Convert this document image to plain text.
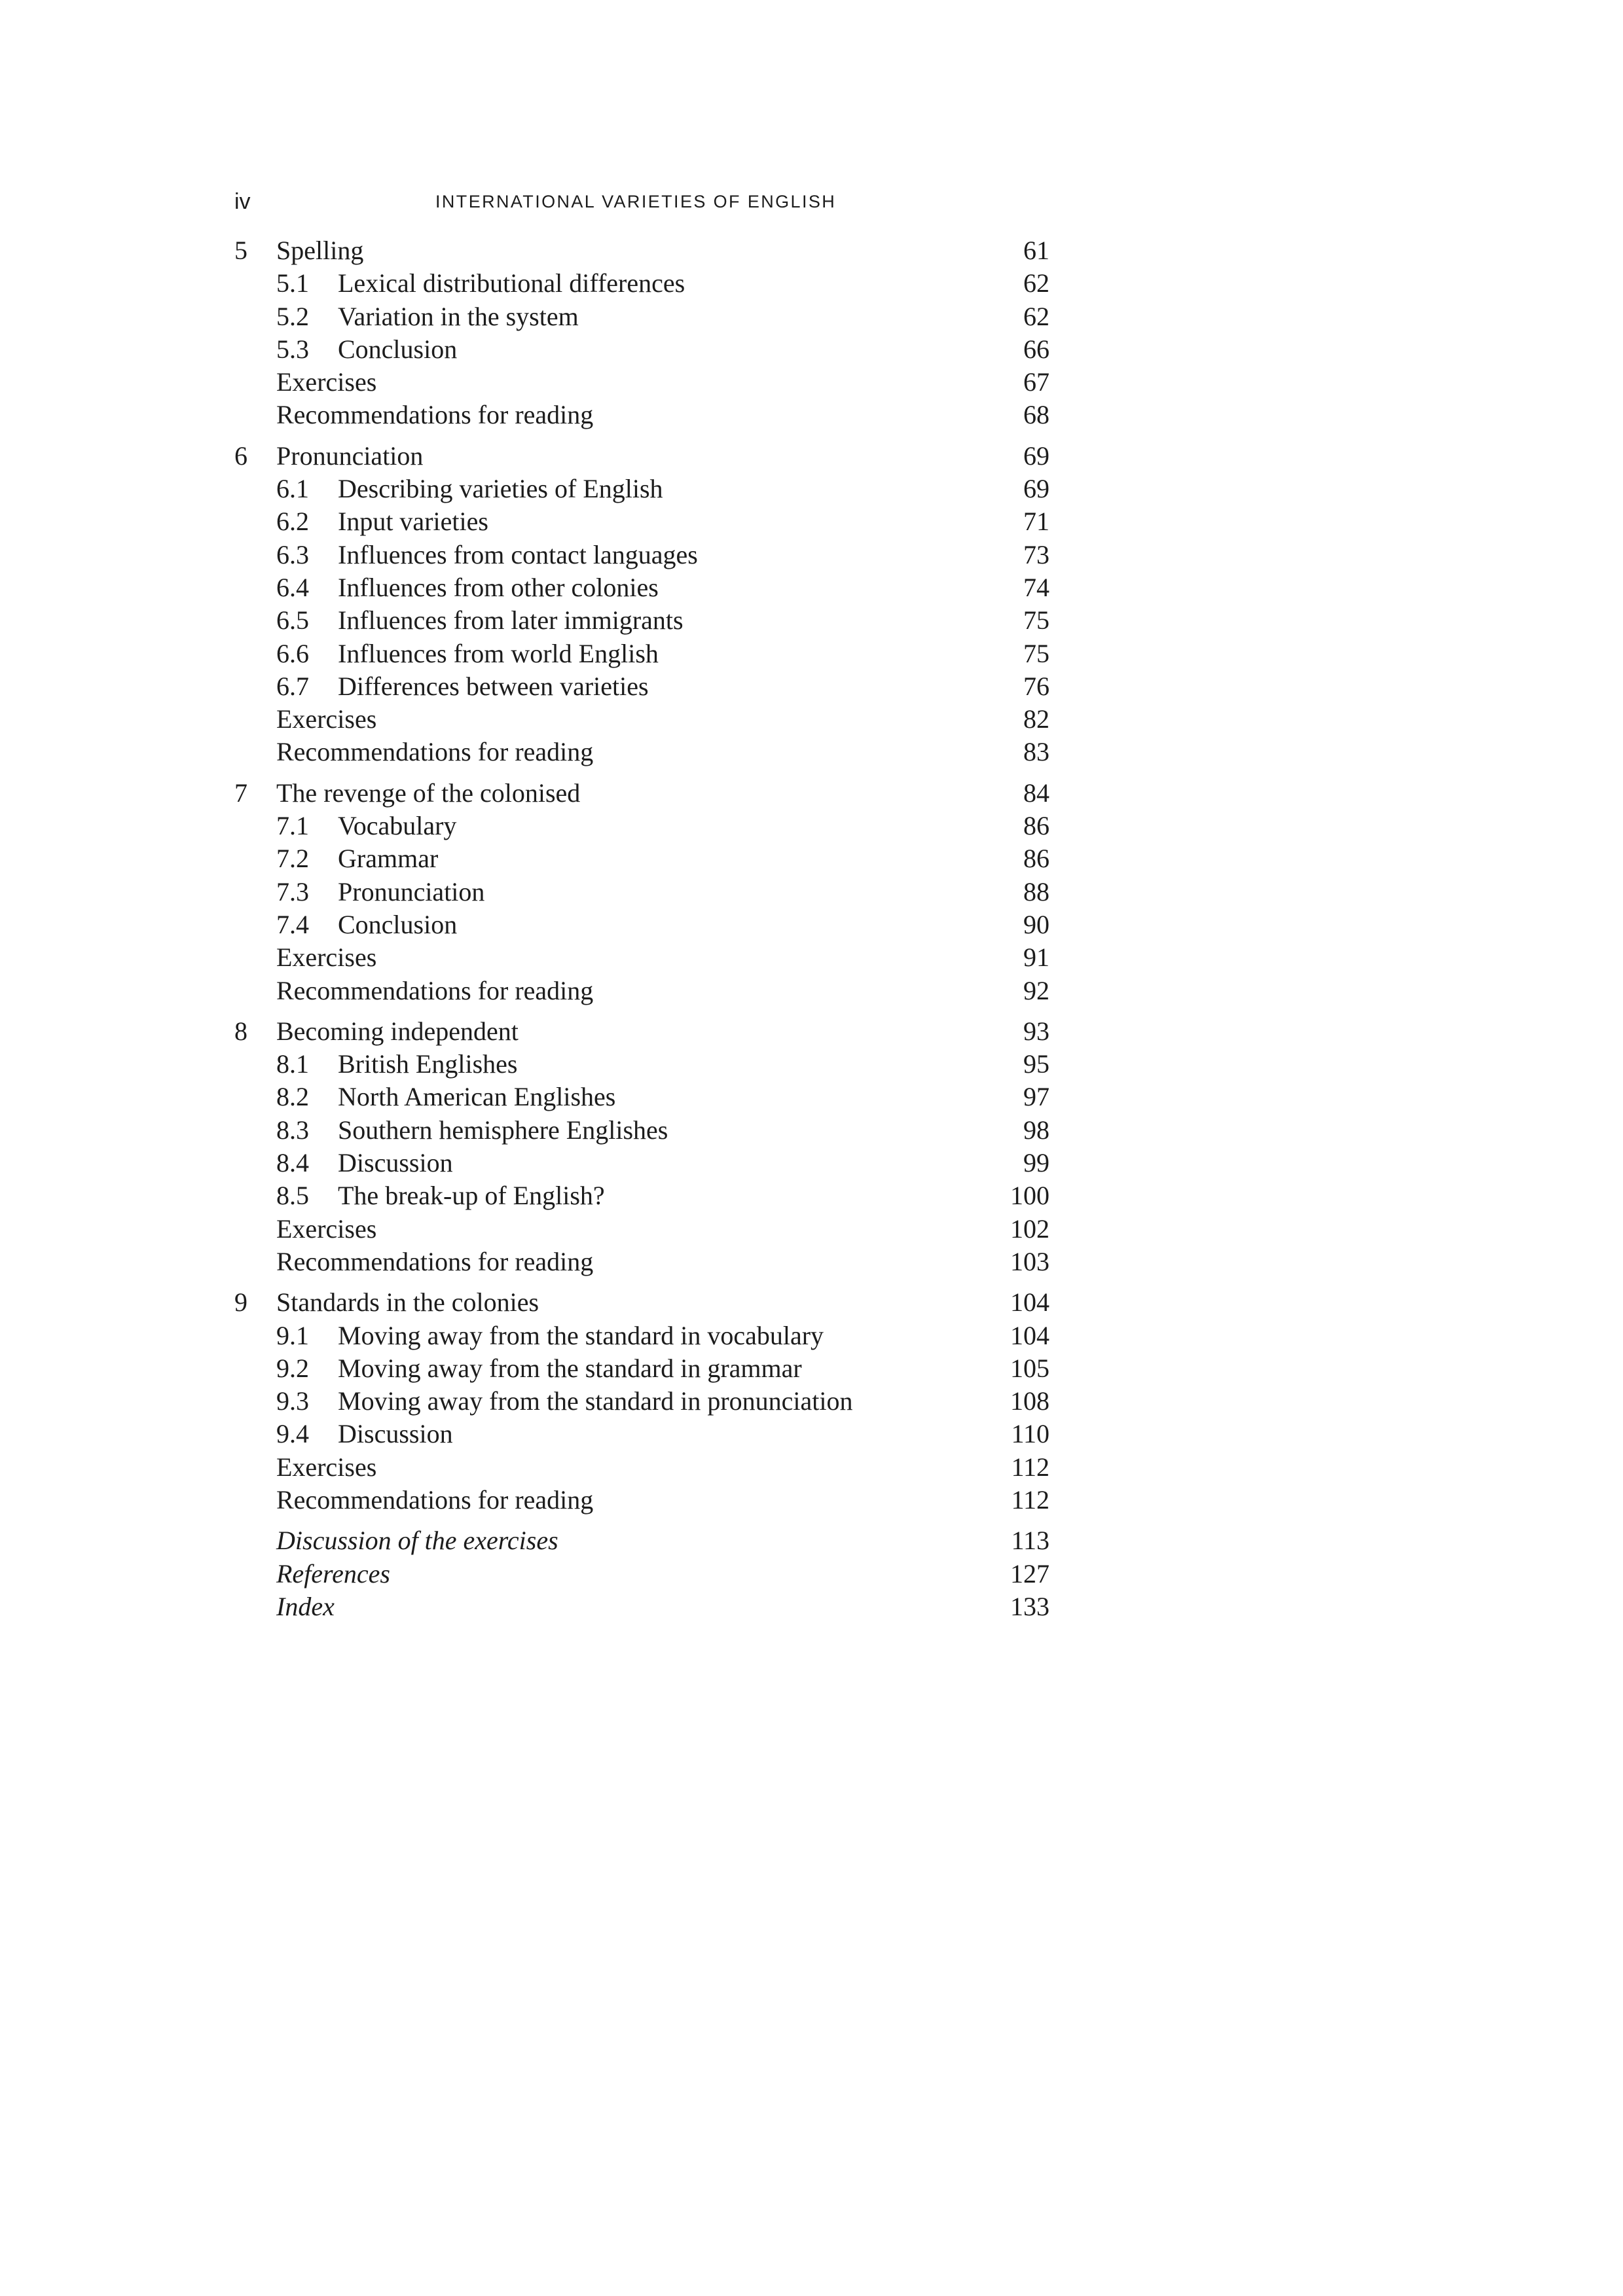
iv	INTERNATIONAL VARIETIES OF ENGLISH
5 Spelling	61
5.1 Lexical distributional differences	62
5.2 Variation in the system	62
5.3 Conclusion	66
Exercises	67
Recommendations for reading	68
6 Pronunciation	69
6.1 Describing varieties of English	69
6.2 Input varieties	71
6.3 Influences from contact languages	73
6.4 Influences from other colonies	74
6.5 Influences from later immigrants	75
6.6 Influences from world English	75
6.7 Differences between varieties	76
Exercises	82
Recommendations for reading	83
7 The revenge of the colonised	84
7.1 Vocabulary	86
7.2 Grammar	86
7.3 Pronunciation	88
7.4 Conclusion	90
Exercises	91
Recommendations for reading	92
8 Becoming independent	93
8.1 British Englishes	95
8.2 North American Englishes	97
8.3 Southern hemisphere Englishes	98
8.4 Discussion	99
8.5 The break-up of English?	100
Exercises	102
Recommendations for reading	103
9 Standards in the colonies	104
9.1 Moving away from the standard in vocabulary	104
9.2 Moving away from the standard in grammar	105
9.3 Moving away from the standard in pronunciation	108
9.4 Discussion	110
Exercises	112
Recommendations for reading	112
Discussion of the exercises	113
References	127
Index	133
